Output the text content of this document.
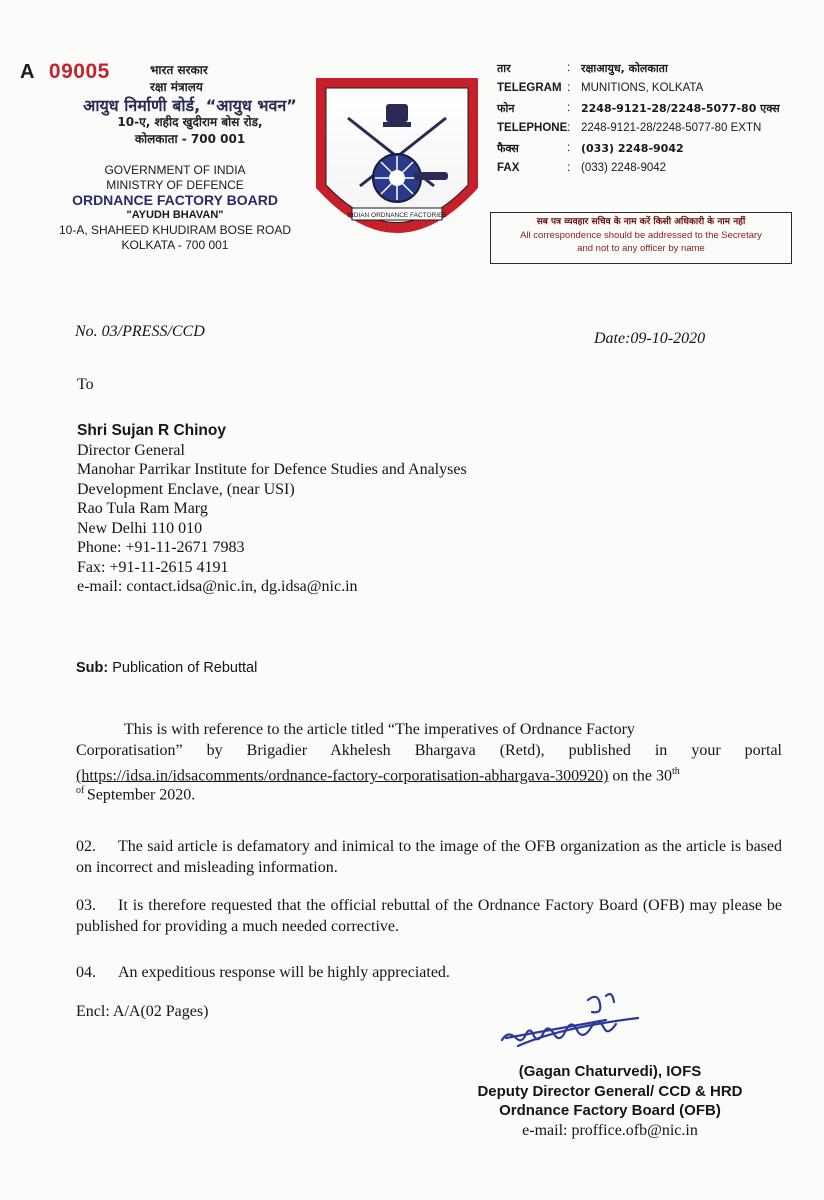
A 09005	भारत सरकार
रक्षा मंत्रालय
आयुध निर्माणी बोर्ड, “आयुध भवन”
10-ए, शहीद खुदीराम बोस रोड,
कोलकाता - 700 001
GOVERNMENT OF INDIA
MINISTRY OF DEFENCE
ORDNANCE FACTORY BOARD
"AYUDH BHAVAN"
10-A, SHAHEED KHUDIRAM BOSE ROAD
KOLKATA - 700 001
INDIAN ORDNANCE FACTORIES
तार	: रक्षाआयुध, कोलकाता
TELEGRAM : MUNITIONS, KOLKATA
फोन	: 2248-9121-28/2248-5077-80 एक्स
TELEPHONE : 2248-9121-28/2248-5077-80 EXTN
फैक्स	: (033) 2248-9042
FAX	: (033) 2248-9042
सब पत्र व्यवहार सचिव के नाम करें किसी अधिकारी के नाम नहीं
All correspondence should be addressed to the Secretary
and not to any officer by name
No. 03/PRESS/CCD	Date:09-10-2020
To
Shri Sujan R Chinoy
Director General
Manohar Parrikar Institute for Defence Studies and Analyses
Development Enclave, (near USI)
Rao Tula Ram Marg
New Delhi 110 010
Phone: +91-11-2671 7983
Fax: +91-11-2615 4191
e-mail: contact.idsa@nic.in, dg.idsa@nic.in
Sub: Publication of Rebuttal
This is with reference to the article titled “The imperatives of Ordnance Factory
Corporatisation” by Brigadier Akhelesh Bhargava (Retd), published in your portal
(https://idsa.in/idsacomments/ordnance-factory-corporatisation-abhargava-300920) on the 30th
$^{of}$ September 2020.
02. The said article is defamatory and inimical to the image of the OFB organization as the article is based on incorrect and misleading information.
03. It is therefore requested that the official rebuttal of the Ordnance Factory Board (OFB) may please be published for providing a much needed corrective.
04. An expeditious response will be highly appreciated.
Encl: A/A(02 Pages)
(Gagan Chaturvedi), IOFS
Deputy Director General/ CCD & HRD
Ordnance Factory Board (OFB)
e-mail: proffice.ofb@nic.in
